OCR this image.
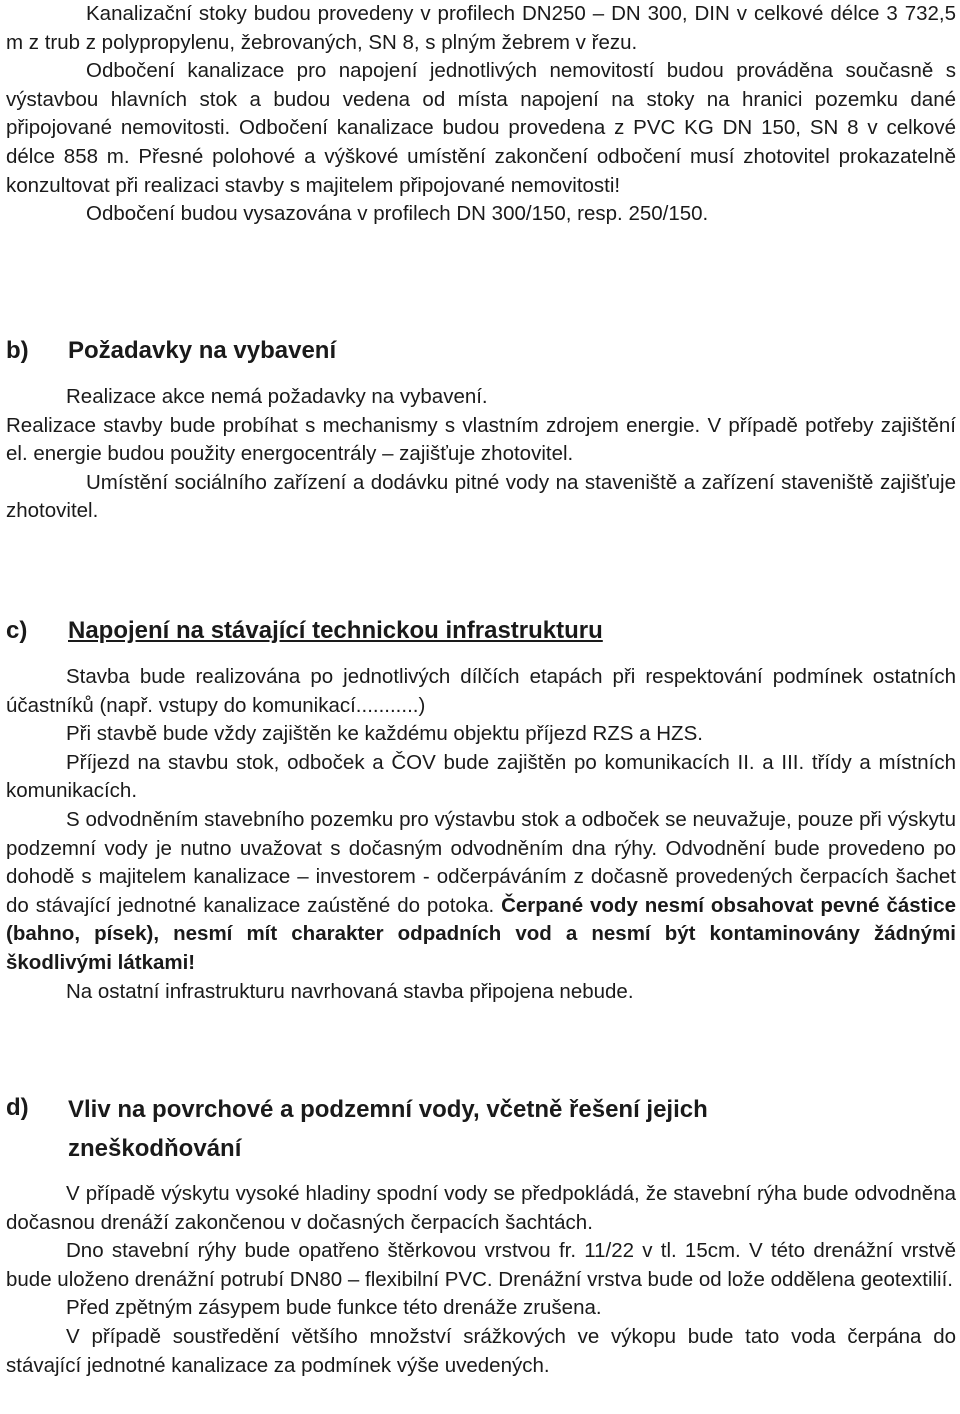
Kanalizační stoky budou provedeny v profilech DN250 – DN 300, DIN v celkové délce 3 732,5 m z trub z polypropylenu, žebrovaných, SN 8, s plným žebrem v řezu.

Odbočení kanalizace pro napojení jednotlivých nemovitostí budou prováděna současně s výstavbou hlavních stok a budou vedena od místa napojení na stoky na hranici pozemku dané připojované nemovitosti. Odbočení kanalizace budou provedena z PVC KG DN 150, SN 8 v celkové délce 858 m. Přesné polohové a výškové umístění zakončení odbočení musí zhotovitel prokazatelně konzultovat při realizaci stavby s majitelem připojované nemovitosti!

Odbočení budou vysazována v profilech DN 300/150, resp. 250/150.

b)	Požadavky na vybavení

Realizace akce nemá požadavky na vybavení.

Realizace stavby bude probíhat s mechanismy s vlastním zdrojem energie. V případě potřeby zajištění el. energie budou použity energocentrály – zajišťuje zhotovitel.

Umístění sociálního zařízení a dodávku pitné vody na staveniště a zařízení staveniště zajišťuje zhotovitel.

c)	Napojení na stávající technickou infrastrukturu

Stavba bude realizována po jednotlivých dílčích etapách při respektování podmínek ostatních účastníků (např. vstupy do komunikací...........)

Při stavbě bude vždy zajištěn ke každému objektu příjezd RZS a HZS.

Příjezd na stavbu stok, odboček a ČOV bude zajištěn po komunikacích II. a III. třídy a místních komunikacích.

S odvodněním stavebního pozemku pro výstavbu stok a odboček se neuvažuje, pouze při výskytu podzemní vody je nutno uvažovat s dočasným odvodněním dna rýhy. Odvodnění bude provedeno po dohodě s majitelem kanalizace – investorem - odčerpáváním z dočasně provedených čerpacích šachet do stávající jednotné kanalizace zaústěné do potoka. Čerpané vody nesmí obsahovat pevné částice (bahno, písek), nesmí mít charakter odpadních vod a nesmí být kontaminovány žádnými škodlivými látkami!

Na ostatní infrastrukturu navrhovaná stavba připojena nebude.

d)	Vliv na povrchové a podzemní vody, včetně řešení jejich zneškodňování

V případě výskytu vysoké hladiny spodní vody se předpokládá, že stavební rýha bude odvodněna dočasnou drenáží zakončenou v dočasných čerpacích šachtách.

Dno stavební rýhy bude opatřeno štěrkovou vrstvou fr. 11/22 v tl. 15cm. V této drenážní vrstvě bude uloženo drenážní potrubí DN80 – flexibilní PVC. Drenážní vrstva bude od lože oddělena geotextilií.

Před zpětným zásypem bude funkce této drenáže zrušena.

V případě soustředění většího množství srážkových ve výkopu bude tato voda čerpána do stávající jednotné kanalizace za podmínek výše uvedených.
